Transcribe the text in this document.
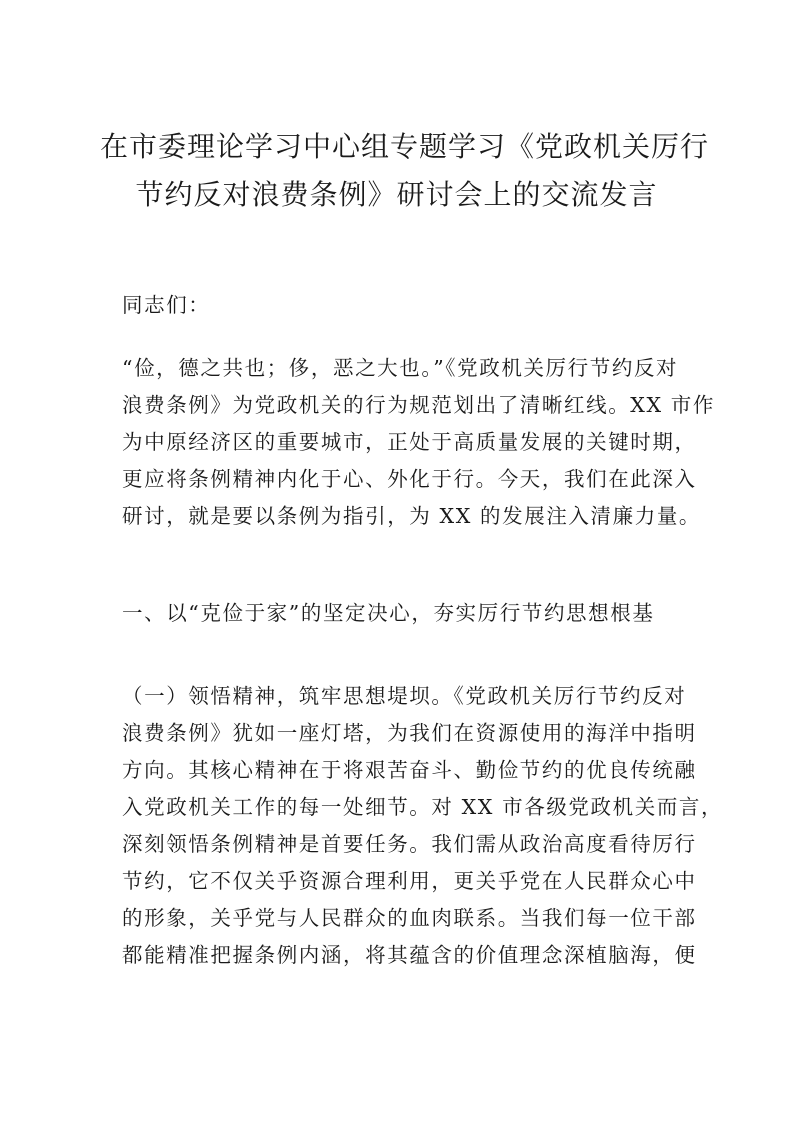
在市委理论学习中心组专题学习《党政机关厉行
节约反对浪费条例》研讨会上的交流发言

同志们：

“俭，德之共也；侈，恶之大也。”《党政机关厉行节约反对
浪费条例》为党政机关的行为规范划出了清晰红线。XX 市作
为中原经济区的重要城市，正处于高质量发展的关键时期，
更应将条例精神内化于心、外化于行。今天，我们在此深入
研讨，就是要以条例为指引，为 XX 的发展注入清廉力量。

一、以“克俭于家”的坚定决心，夯实厉行节约思想根基

（一）领悟精神，筑牢思想堤坝。《党政机关厉行节约反对
浪费条例》犹如一座灯塔，为我们在资源使用的海洋中指明
方向。其核心精神在于将艰苦奋斗、勤俭节约的优良传统融
入党政机关工作的每一处细节。对 XX 市各级党政机关而言，
深刻领悟条例精神是首要任务。我们需从政治高度看待厉行
节约，它不仅关乎资源合理利用，更关乎党在人民群众心中
的形象，关乎党与人民群众的血肉联系。当我们每一位干部
都能精准把握条例内涵，将其蕴含的价值理念深植脑海，便
